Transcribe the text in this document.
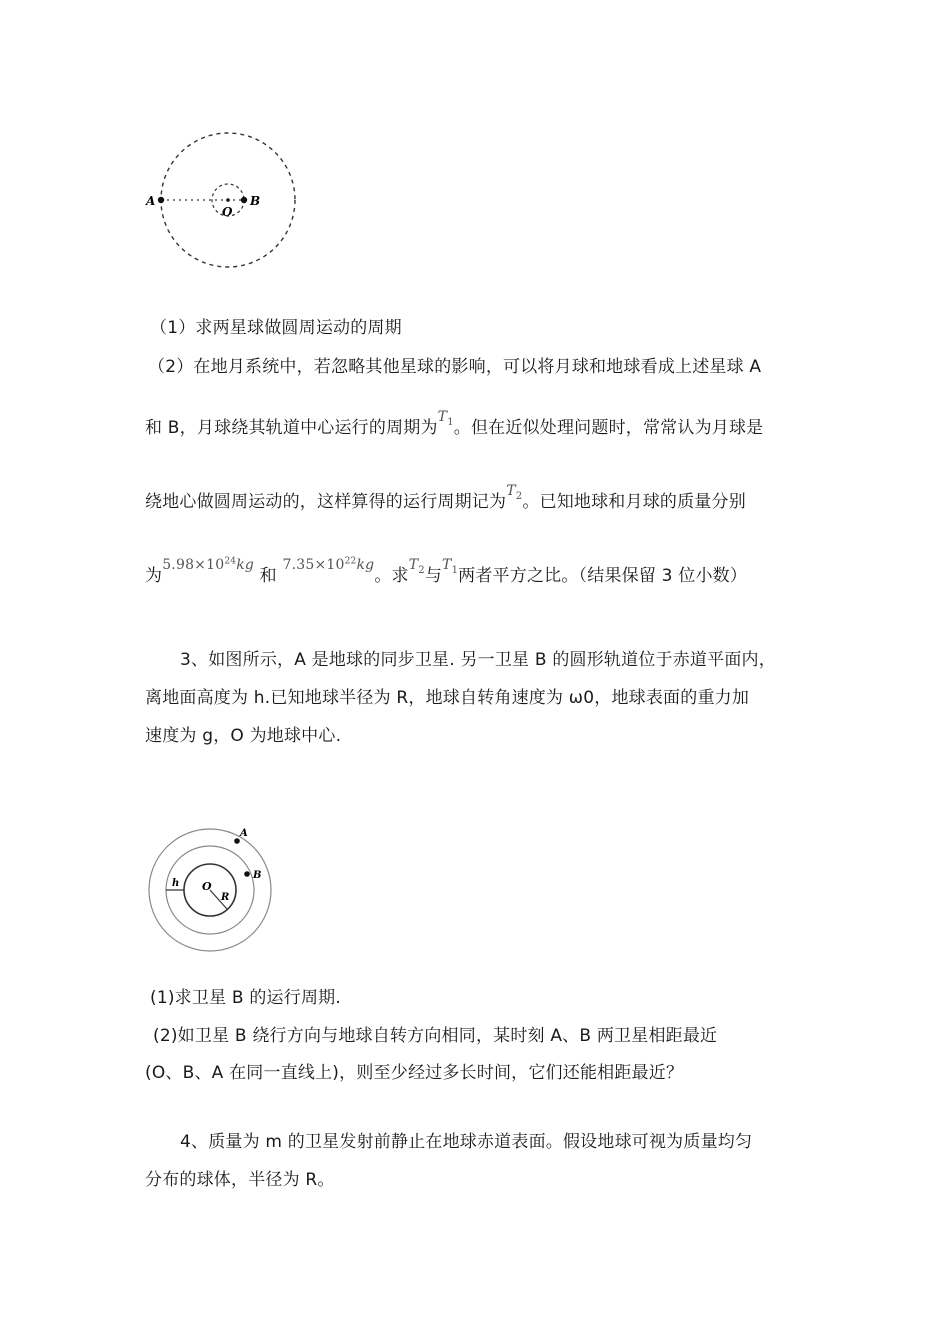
A
O
B
（1）求两星球做圆周运动的周期
（2）在地月系统中，若忽略其他星球的影响，可以将月球和地球看成上述星球 A
和 B，月球绕其轨道中心运行的周期为$^{T_1}$。但在近似处理问题时，常常认为月球是
绕地心做圆周运动的，这样算得的运行周期记为$^{T_2}$。已知地球和月球的质量分别
为$^{5.98\times 10^{24}kg}$ 和 $^{7.35\times 10^{22}kg}$。求$^{T_2}$与$^{T_1}$两者平方之比。（结果保留 3 位小数）
3、如图所示，A 是地球的同步卫星. 另一卫星 B 的圆形轨道位于赤道平面内，
离地面高度为 h.已知地球半径为 R，地球自转角速度为 ω0，地球表面的重力加
速度为 g，O 为地球中心.
A
B
O
R
h
(1)求卫星 B 的运行周期.
(2)如卫星 B 绕行方向与地球自转方向相同，某时刻 A、B 两卫星相距最近
(O、B、A 在同一直线上)，则至少经过多长时间，它们还能相距最近？
4、质量为 m 的卫星发射前静止在地球赤道表面。假设地球可视为质量均匀
分布的球体，半径为 R。
